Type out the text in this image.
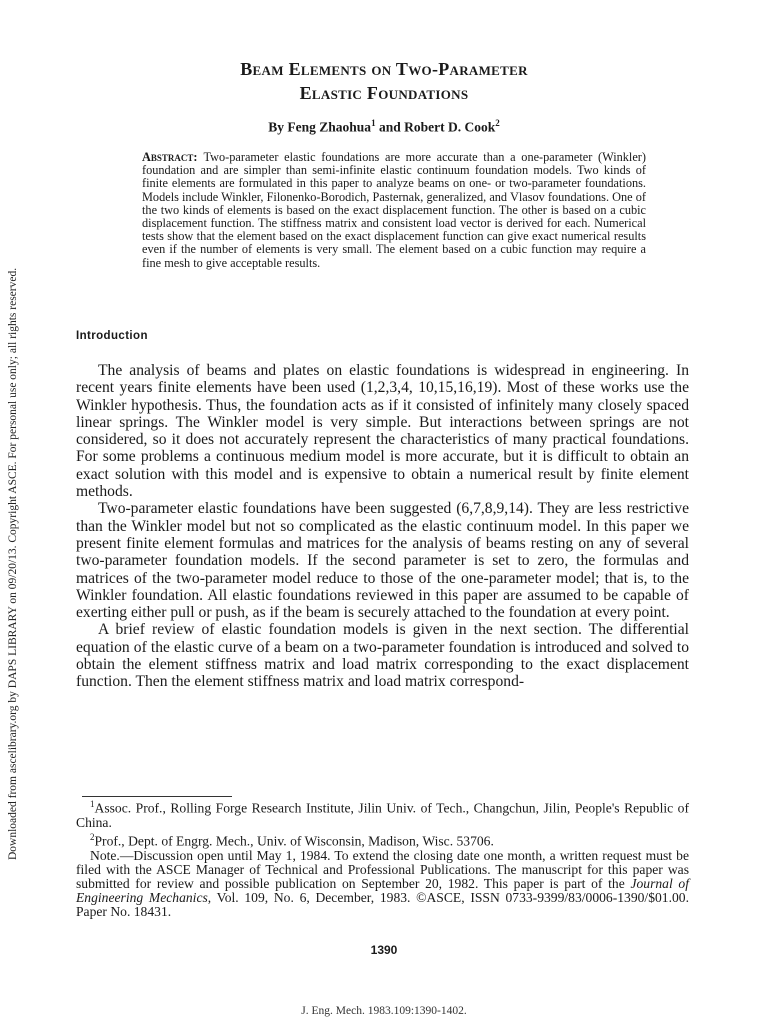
Downloaded from ascelibrary.org by DAPS LIBRARY on 09/20/13. Copyright ASCE. For personal use only; all rights reserved.
Beam Elements on Two-Parameter
Elastic Foundations
By Feng Zhaohua$^1$ and Robert D. Cook$^2$
Abstract: Two-parameter elastic foundations are more accurate than a one-parameter (Winkler) foundation and are simpler than semi-infinite elastic continuum foundation models. Two kinds of finite elements are formulated in this paper to analyze beams on one- or two-parameter foundations. Models include Winkler, Filonenko-Borodich, Pasternak, generalized, and Vlasov foundations. One of the two kinds of elements is based on the exact displacement function. The other is based on a cubic displacement function. The stiffness matrix and consistent load vector is derived for each. Numerical tests show that the element based on the exact displacement function can give exact numerical results even if the number of elements is very small. The element based on a cubic function may require a fine mesh to give acceptable results.
Introduction

The analysis of beams and plates on elastic foundations is widespread in engineering. In recent years finite elements have been used (1,2,3,4, 10,15,16,19). Most of these works use the Winkler hypothesis. Thus, the foundation acts as if it consisted of infinitely many closely spaced linear springs. The Winkler model is very simple. But interactions between springs are not considered, so it does not accurately represent the characteristics of many practical foundations. For some problems a continuous medium model is more accurate, but it is difficult to obtain an exact solution with this model and is expensive to obtain a numerical result by finite element methods.

Two-parameter elastic foundations have been suggested (6,7,8,9,14). They are less restrictive than the Winkler model but not so complicated as the elastic continuum model. In this paper we present finite element formulas and matrices for the analysis of beams resting on any of several two-parameter foundation models. If the second parameter is set to zero, the formulas and matrices of the two-parameter model reduce to those of the one-parameter model; that is, to the Winkler foundation. All elastic foundations reviewed in this paper are assumed to be capable of exerting either pull or push, as if the beam is securely attached to the foundation at every point.

A brief review of elastic foundation models is given in the next section. The differential equation of the elastic curve of a beam on a two-parameter foundation is introduced and solved to obtain the element stiffness matrix and load matrix corresponding to the exact displacement function. Then the element stiffness matrix and load matrix correspond-

$^1$Assoc. Prof., Rolling Forge Research Institute, Jilin Univ. of Tech., Changchun, Jilin, People's Republic of China.

$^2$Prof., Dept. of Engrg. Mech., Univ. of Wisconsin, Madison, Wisc. 53706.

Note.—Discussion open until May 1, 1984. To extend the closing date one month, a written request must be filed with the ASCE Manager of Technical and Professional Publications. The manuscript for this paper was submitted for review and possible publication on September 20, 1982. This paper is part of the Journal of Engineering Mechanics, Vol. 109, No. 6, December, 1983. ©ASCE, ISSN 0733-9399/83/0006-1390/$01.00. Paper No. 18431.

1390
J. Eng. Mech. 1983.109:1390-1402.
